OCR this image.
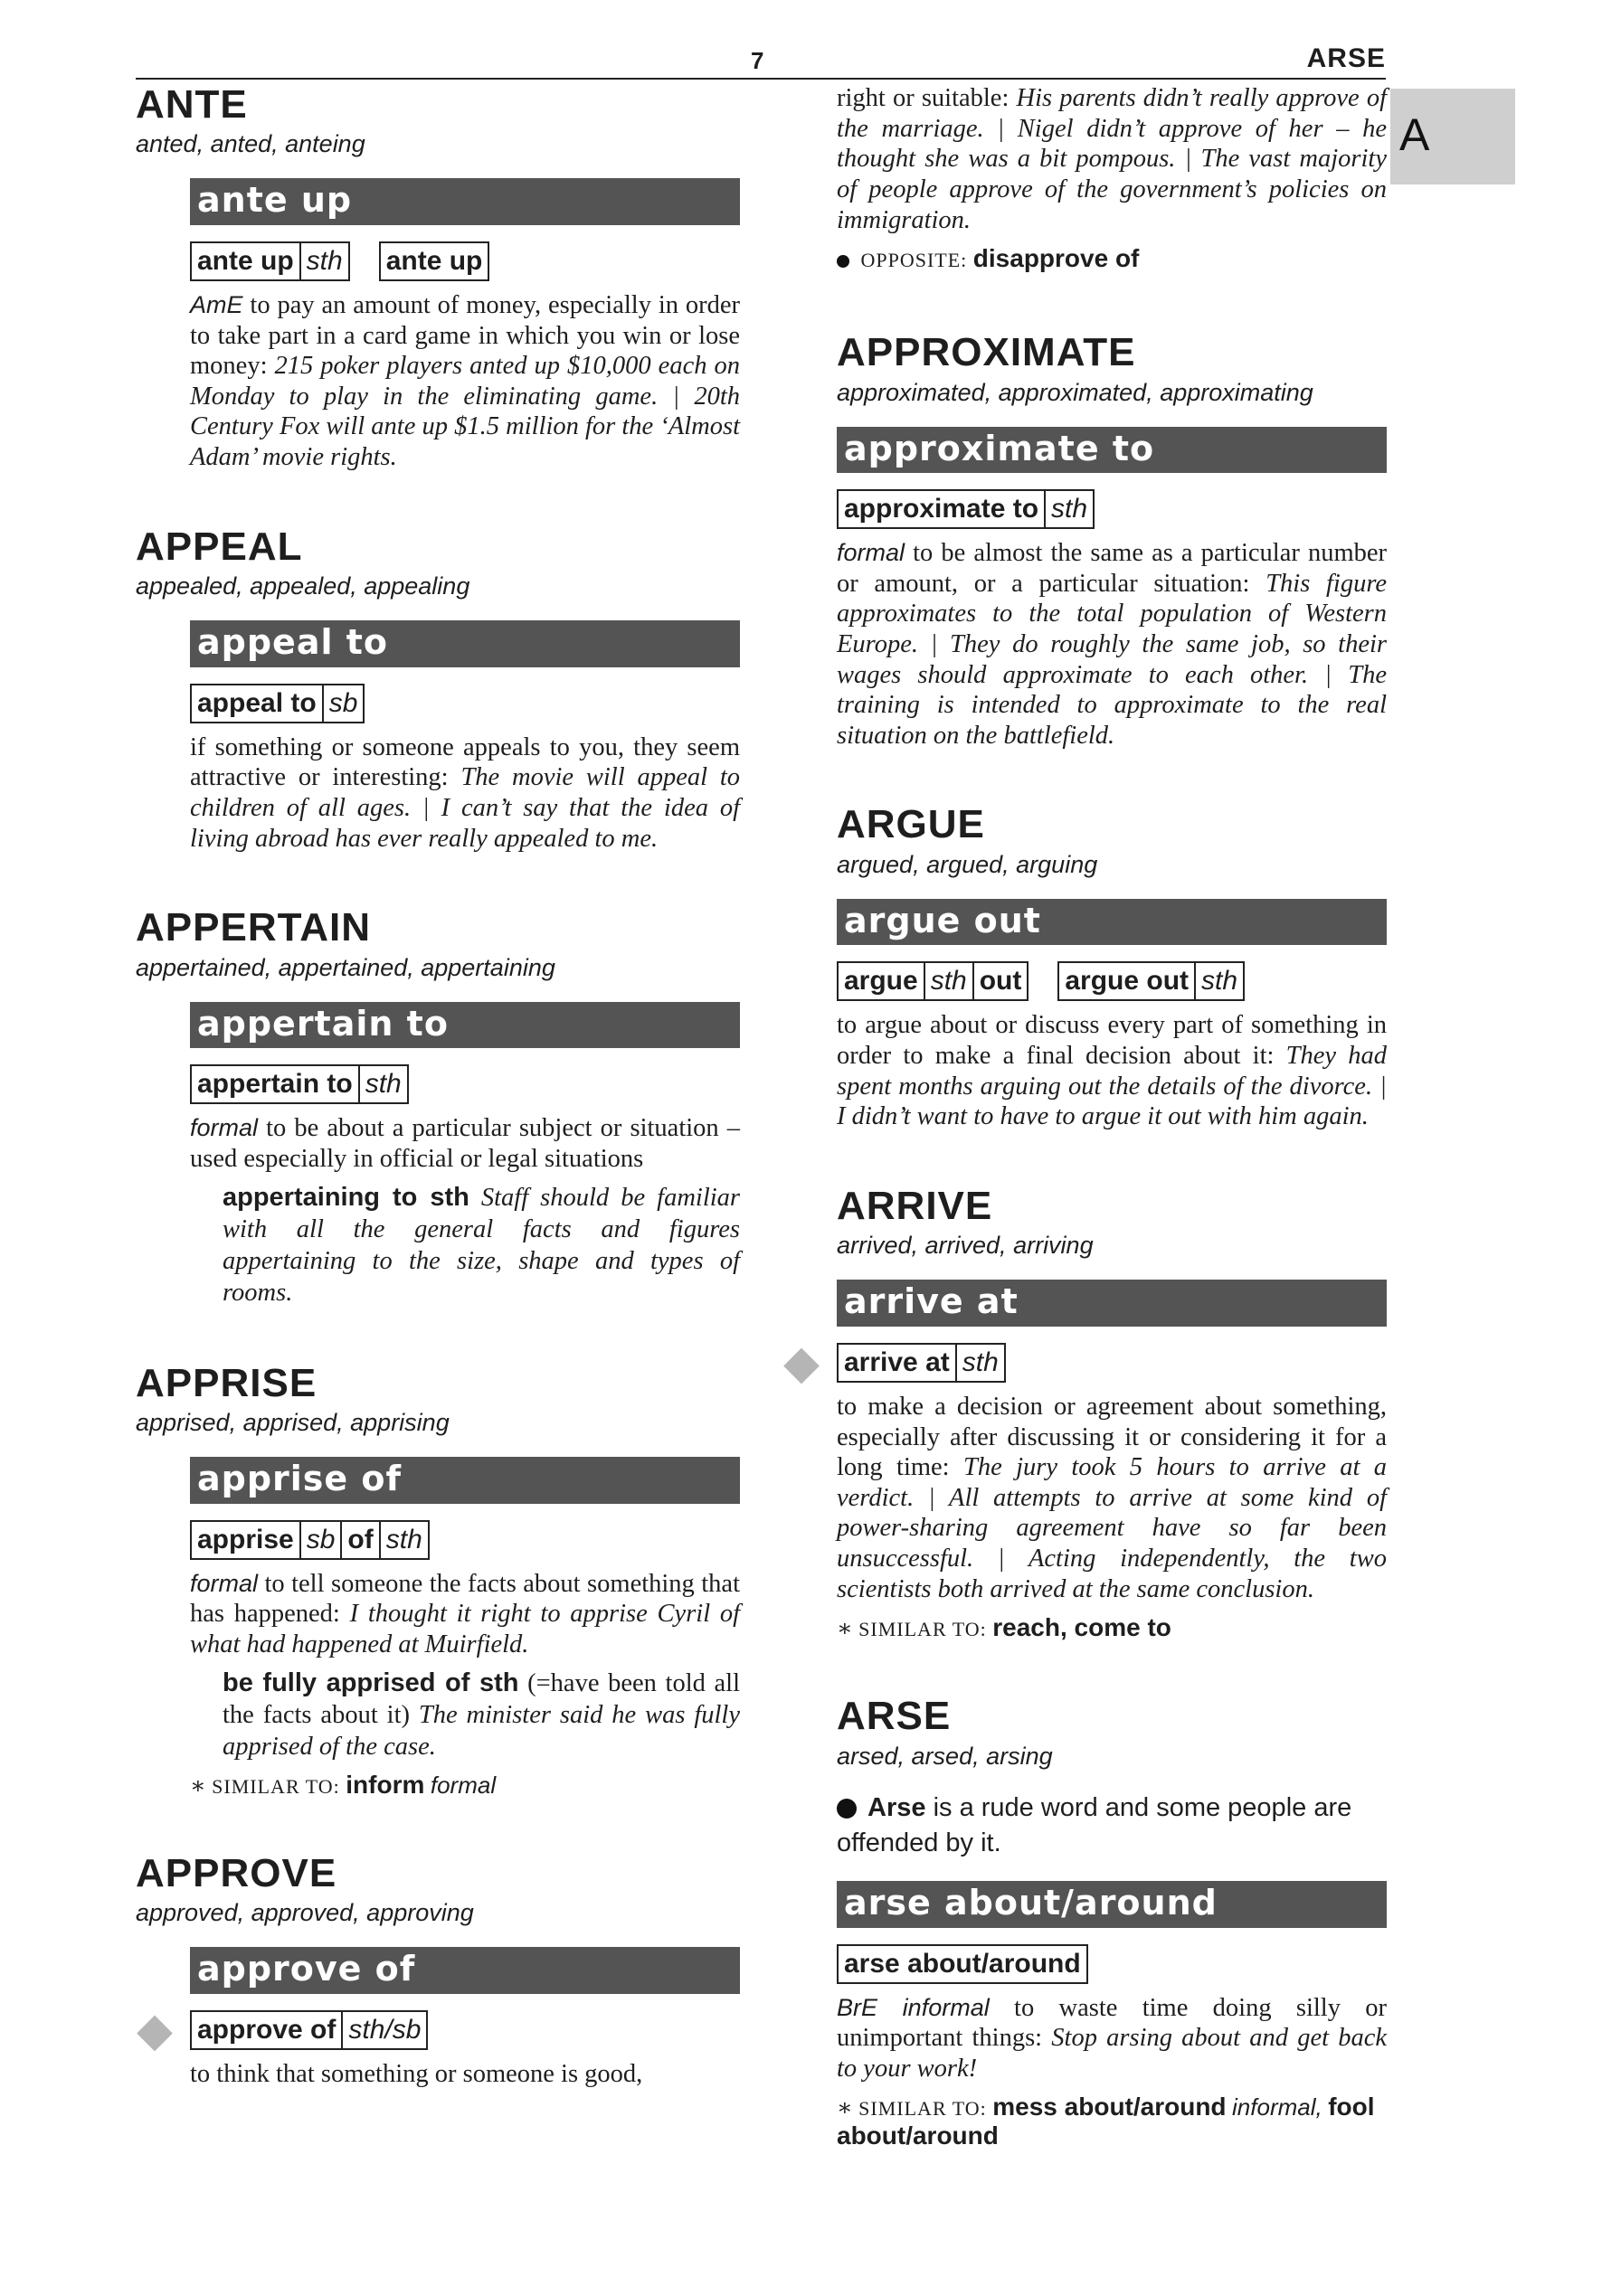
7	ARSE
A
ANTE
anted, anted, anteing
ante up
ante up sth ante up

AmE to pay an amount of money, especially in order to take part in a card game in which you win or lose money: 215 poker players anted up $10,000 each on Monday to play in the eliminating game. | 20th Century Fox will ante up $1.5 million for the ‘Almost Adam’ movie rights.

APPEAL
appealed, appealed, appealing
appeal to
appeal to sb

if something or someone appeals to you, they seem attractive or interesting: The movie will appeal to children of all ages. | I can’t say that the idea of living abroad has ever really appealed to me.

APPERTAIN
appertained, appertained, appertaining
appertain to
appertain to sth

formal to be about a particular subject or situation – used especially in official or legal situations

appertaining to sth Staff should be familiar with all the general facts and figures appertaining to the size, shape and types of rooms.

APPRISE
apprised, apprised, apprising
apprise of
apprise sb of sth

formal to tell someone the facts about something that has happened: I thought it right to apprise Cyril of what had happened at Muirfield.

be fully apprised of sth (=have been told all the facts about it) The minister said he was fully apprised of the case.

∗ SIMILAR TO: inform formal

APPROVE
approved, approved, approving
approve of
◆ approve of sth/sb

to think that something or someone is good,

right or suitable: His parents didn’t really approve of the marriage. | Nigel didn’t approve of her – he thought she was a bit pompous. | The vast majority of people approve of the government’s policies on immigration.

OPPOSITE: disapprove of

APPROXIMATE
approximated, approximated, approximating
approximate to
approximate to sth

formal to be almost the same as a particular number or amount, or a particular situation: This figure approximates to the total population of Western Europe. | They do roughly the same job, so their wages should approximate to each other. | The training is intended to approximate to the real situation on the battlefield.

ARGUE
argued, argued, arguing
argue out
argue sth out argue out sth

to argue about or discuss every part of something in order to make a final decision about it: They had spent months arguing out the details of the divorce. | I didn’t want to have to argue it out with him again.

ARRIVE
arrived, arrived, arriving
arrive at
◆ arrive at sth

to make a decision or agreement about something, especially after discussing it or considering it for a long time: The jury took 5 hours to arrive at a verdict. | All attempts to arrive at some kind of power-sharing agreement have so far been unsuccessful. | Acting independently, the two scientists both arrived at the same conclusion.

∗ SIMILAR TO: reach, come to

ARSE
arsed, arsed, arsing

Arse is a rude word and some people are offended by it.

arse about/around
arse about/around

BrE informal to waste time doing silly or unimportant things: Stop arsing about and get back to your work!

∗ SIMILAR TO: mess about/around informal, fool about/around
